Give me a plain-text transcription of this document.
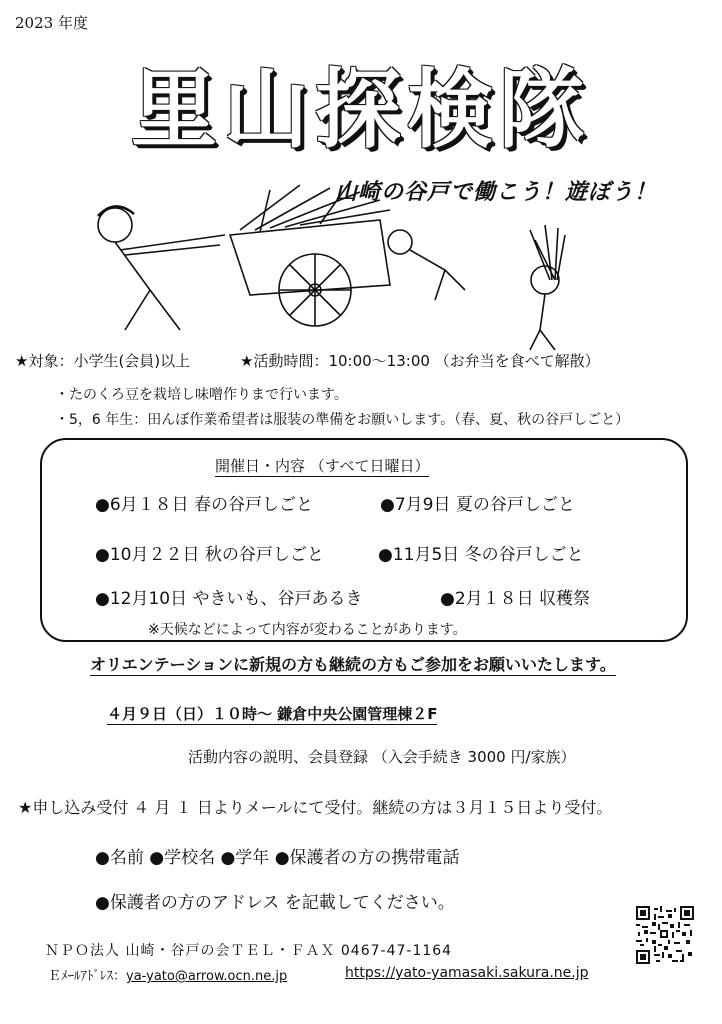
2023 年度
里山探検隊
山崎の谷戸で働こう！遊ぼう！
★対象：小学生(会員)以上	★活動時間：10:00～13:00 （お弁当を食べて解散）
・たのくろ豆を栽培し味噌作りまで行います。
・5，6 年生：田んぼ作業希望者は服装の準備をお願いします。（春、夏、秋の谷戸しごと）
開催日・内容 （すべて日曜日）
●6月１８日 春の谷戸しごと	●7月9日 夏の谷戸しごと
●10月２２日 秋の谷戸しごと	●11月5日 冬の谷戸しごと
●12月10日 やきいも、谷戸あるき	●2月１８日 収穫祭
※天候などによって内容が変わることがあります。
オリエンテーションに新規の方も継続の方もご参加をお願いいたします。
４月９日（日）１０時～ 鎌倉中央公園管理棟２F
活動内容の説明、会員登録 （入会手続き 3000 円/家族）
★申し込み受付 ４ 月 １ 日よりメールにて受付。継続の方は３月１５日より受付。
●名前 ●学校名 ●学年 ●保護者の方の携帯電話
●保護者の方のアドレス を記載してください。
ＮＰＯ法人 山崎・谷戸の会ＴＥＬ・ＦＡＸ 0467-47-1164
Ｅﾒｰﾙｱﾄﾞﾚｽ：ya-yato@arrow.ocn.ne.jp	https://yato-yamasaki.sakura.ne.jp
